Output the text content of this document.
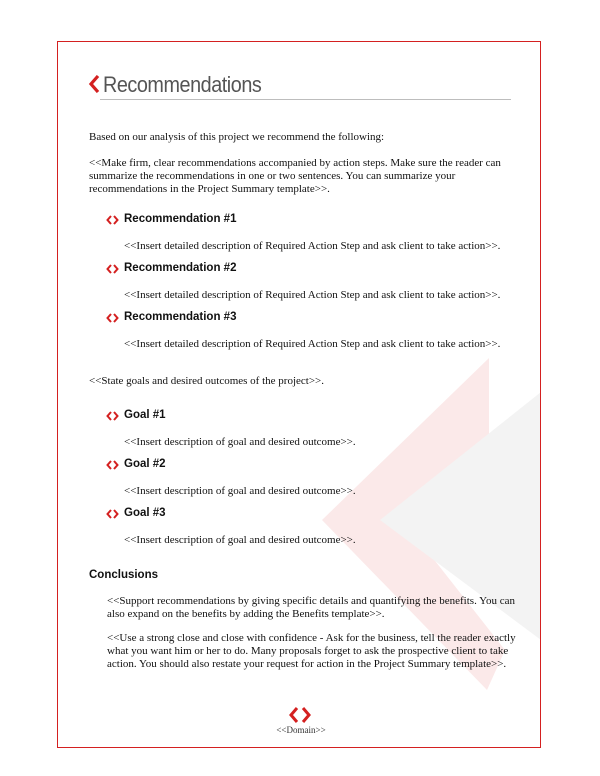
Recommendations
Based on our analysis of this project we recommend the following:
<<Make firm, clear recommendations accompanied by action steps. Make sure the reader can
summarize the recommendations in one or two sentences. You can summarize your
recommendations in the Project Summary template>>.
Recommendation #1
<<Insert detailed description of Required Action Step and ask client to take action>>.
Recommendation #2
<<Insert detailed description of Required Action Step and ask client to take action>>.
Recommendation #3
<<Insert detailed description of Required Action Step and ask client to take action>>.
<<State goals and desired outcomes of the project>>.
Goal #1
<<Insert description of goal and desired outcome>>.
Goal #2
<<Insert description of goal and desired outcome>>.
Goal #3
<<Insert description of goal and desired outcome>>.
Conclusions
<<Support recommendations by giving specific details and quantifying the benefits. You can
also expand on the benefits by adding the Benefits template>>.
<<Use a strong close and close with confidence - Ask for the business, tell the reader exactly
what you want him or her to do. Many proposals forget to ask the prospective client to take
action. You should also restate your request for action in the Project Summary template>>.
<<Domain>>
